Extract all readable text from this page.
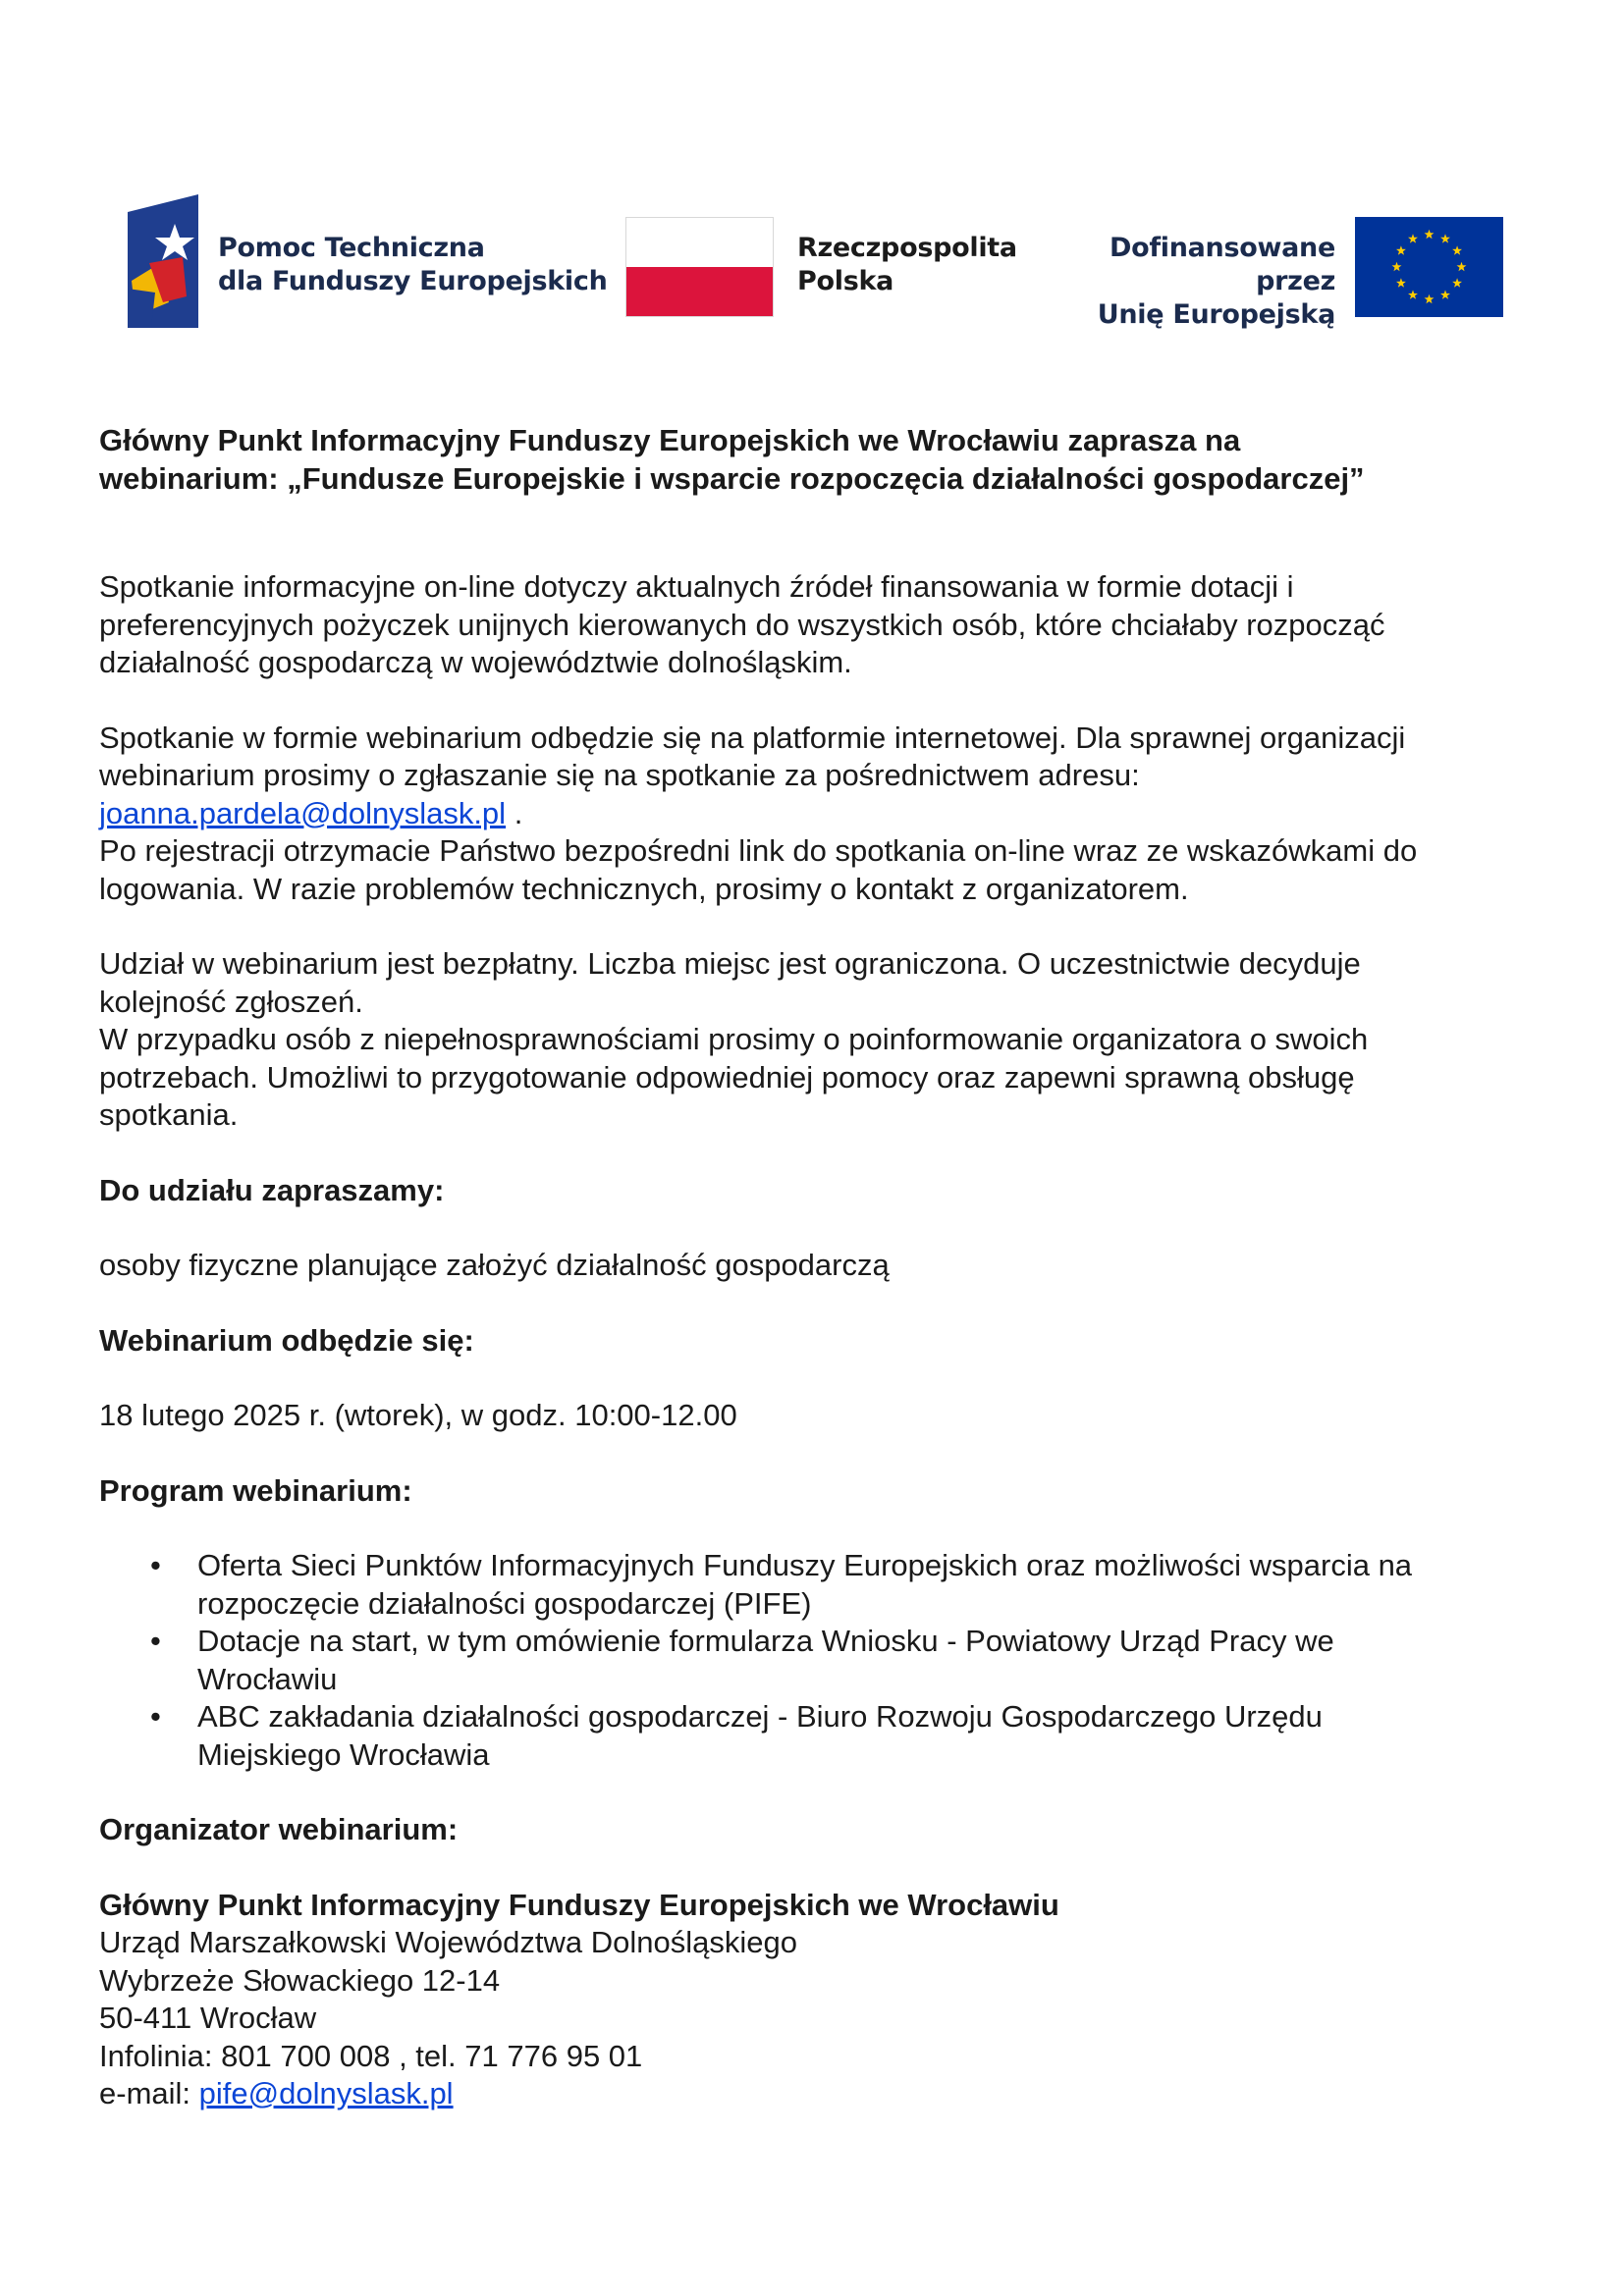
Pomoc Techniczna
dla Funduszy Europejskich
Rzeczpospolita
Polska
Dofinansowane przez
Unię Europejską

Główny Punkt Informacyjny Funduszy Europejskich we Wrocławiu zaprasza na

webinarium: „Fundusze Europejskie i wsparcie rozpoczęcia działalności gospodarczej”

Spotkanie informacyjne on-line dotyczy aktualnych źródeł finansowania w formie dotacji i

preferencyjnych pożyczek unijnych kierowanych do wszystkich osób, które chciałaby rozpocząć

działalność gospodarczą w województwie dolnośląskim.

Spotkanie w formie webinarium odbędzie się na platformie internetowej. Dla sprawnej organizacji

webinarium prosimy o zgłaszanie się na spotkanie za pośrednictwem adresu:

joanna.pardela@dolnyslask.pl .

Po rejestracji otrzymacie Państwo bezpośredni link do spotkania on-line wraz ze wskazówkami do

logowania. W razie problemów technicznych, prosimy o kontakt z organizatorem.

Udział w webinarium jest bezpłatny. Liczba miejsc jest ograniczona. O uczestnictwie decyduje

kolejność zgłoszeń.

W przypadku osób z niepełnosprawnościami prosimy o poinformowanie organizatora o swoich

potrzebach. Umożliwi to przygotowanie odpowiedniej pomocy oraz zapewni sprawną obsługę

spotkania.

Do udziału zapraszamy:

osoby fizyczne planujące założyć działalność gospodarczą

Webinarium odbędzie się:

18 lutego 2025 r. (wtorek), w godz. 10:00-12.00

Program webinarium:

• Oferta Sieci Punktów Informacyjnych Funduszy Europejskich oraz możliwości wsparcia na

rozpoczęcie działalności gospodarczej (PIFE)

• Dotacje na start, w tym omówienie formularza Wniosku - Powiatowy Urząd Pracy we

Wrocławiu

• ABC zakładania działalności gospodarczej - Biuro Rozwoju Gospodarczego Urzędu

Miejskiego Wrocławia

Organizator webinarium:

Główny Punkt Informacyjny Funduszy Europejskich we Wrocławiu

Urząd Marszałkowski Województwa Dolnośląskiego

Wybrzeże Słowackiego 12-14

50-411 Wrocław

Infolinia: 801 700 008 , tel. 71 776 95 01

e-mail: pife@dolnyslask.pl
